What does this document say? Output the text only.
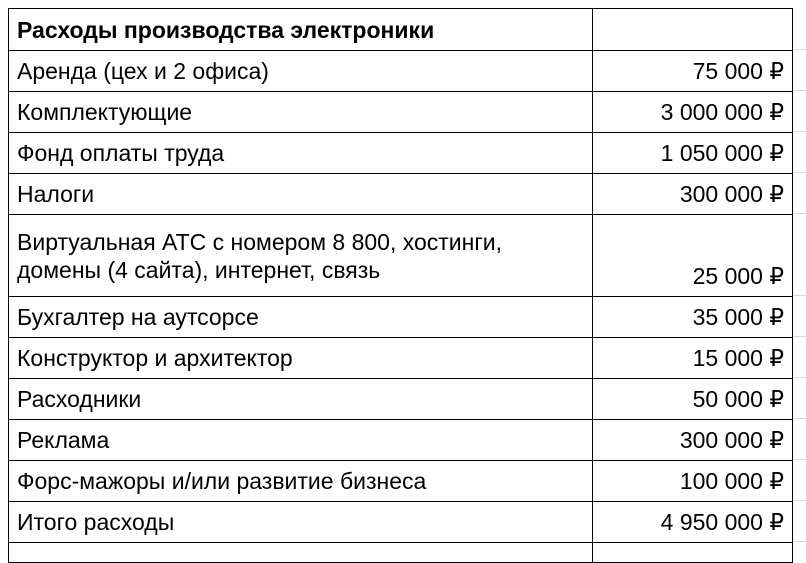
Расходы производства электроники	
Аренда (цех и 2 офиса)	75 000 ₽
Комплектующие	3 000 000 ₽
Фонд оплаты труда	1 050 000 ₽
Налоги	300 000 ₽
Виртуальная АТС с номером 8 800, хостинги, домены (4 сайта), интернет, связь	25 000 ₽
Бухгалтер на аутсорсе	35 000 ₽
Конструктор и архитектор	15 000 ₽
Расходники	50 000 ₽
Реклама	300 000 ₽
Форс-мажоры и/или развитие бизнеса	100 000 ₽
Итого расходы	4 950 000 ₽
